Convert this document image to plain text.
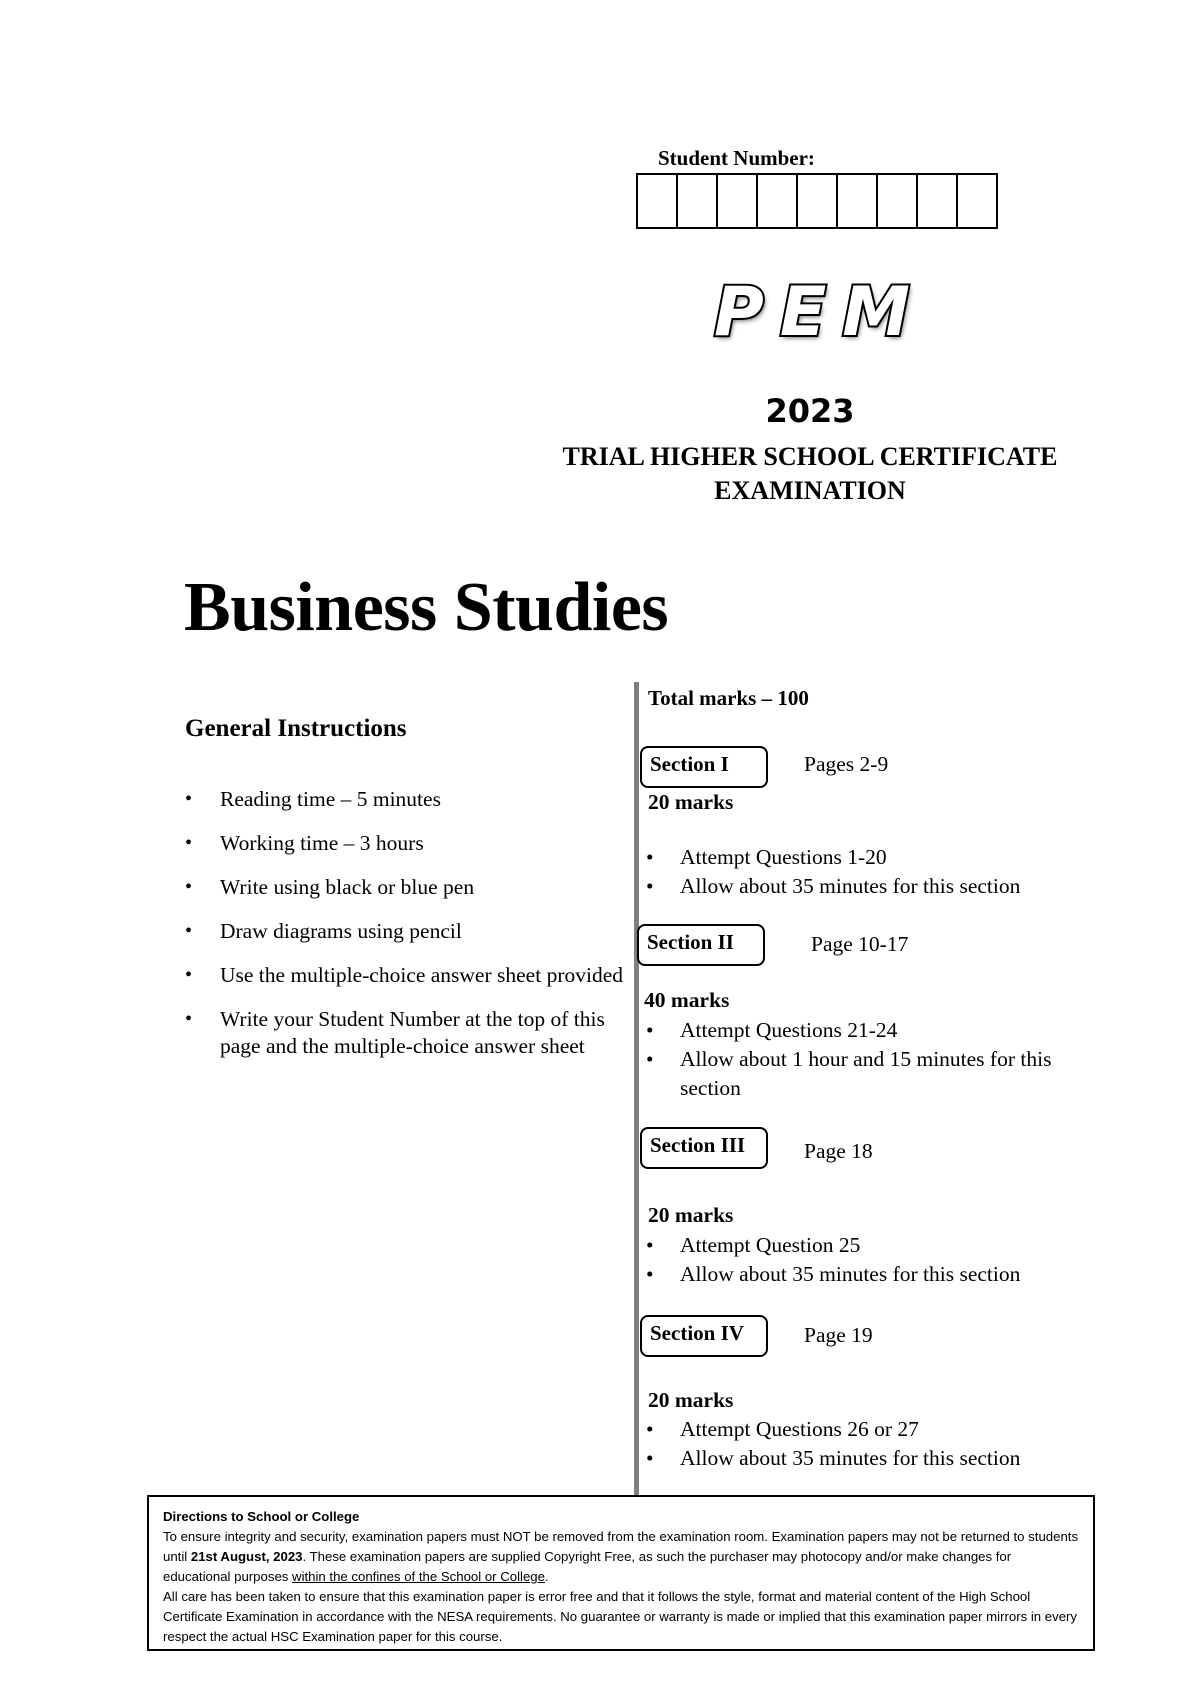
Student Number:
PEM
2023
TRIAL HIGHER SCHOOL CERTIFICATE
EXAMINATION
Business Studies
General Instructions
• Reading time – 5 minutes
• Working time – 3 hours
• Write using black or blue pen
• Draw diagrams using pencil
• Use the multiple-choice answer sheet provided
• Write your Student Number at the top of this page and the multiple-choice answer sheet
Total marks – 100
Section I	Pages 2-9
20 marks
• Attempt Questions 1-20
• Allow about 35 minutes for this section
Section II	Page 10-17
40 marks
• Attempt Questions 21-24
• Allow about 1 hour and 15 minutes for this section
Section III	Page 18
20 marks
• Attempt Question 25
• Allow about 35 minutes for this section
Section IV	Page 19
20 marks
• Attempt Questions 26 or 27
• Allow about 35 minutes for this section
Directions to School or College

To ensure integrity and security, examination papers must NOT be removed from the examination room. Examination papers may not be returned to students until 21st August, 2023. These examination papers are supplied Copyright Free, as such the purchaser may photocopy and/or make changes for educational purposes within the confines of the School or College.

All care has been taken to ensure that this examination paper is error free and that it follows the style, format and material content of the High School Certificate Examination in accordance with the NESA requirements. No guarantee or warranty is made or implied that this examination paper mirrors in every respect the actual HSC Examination paper for this course.
